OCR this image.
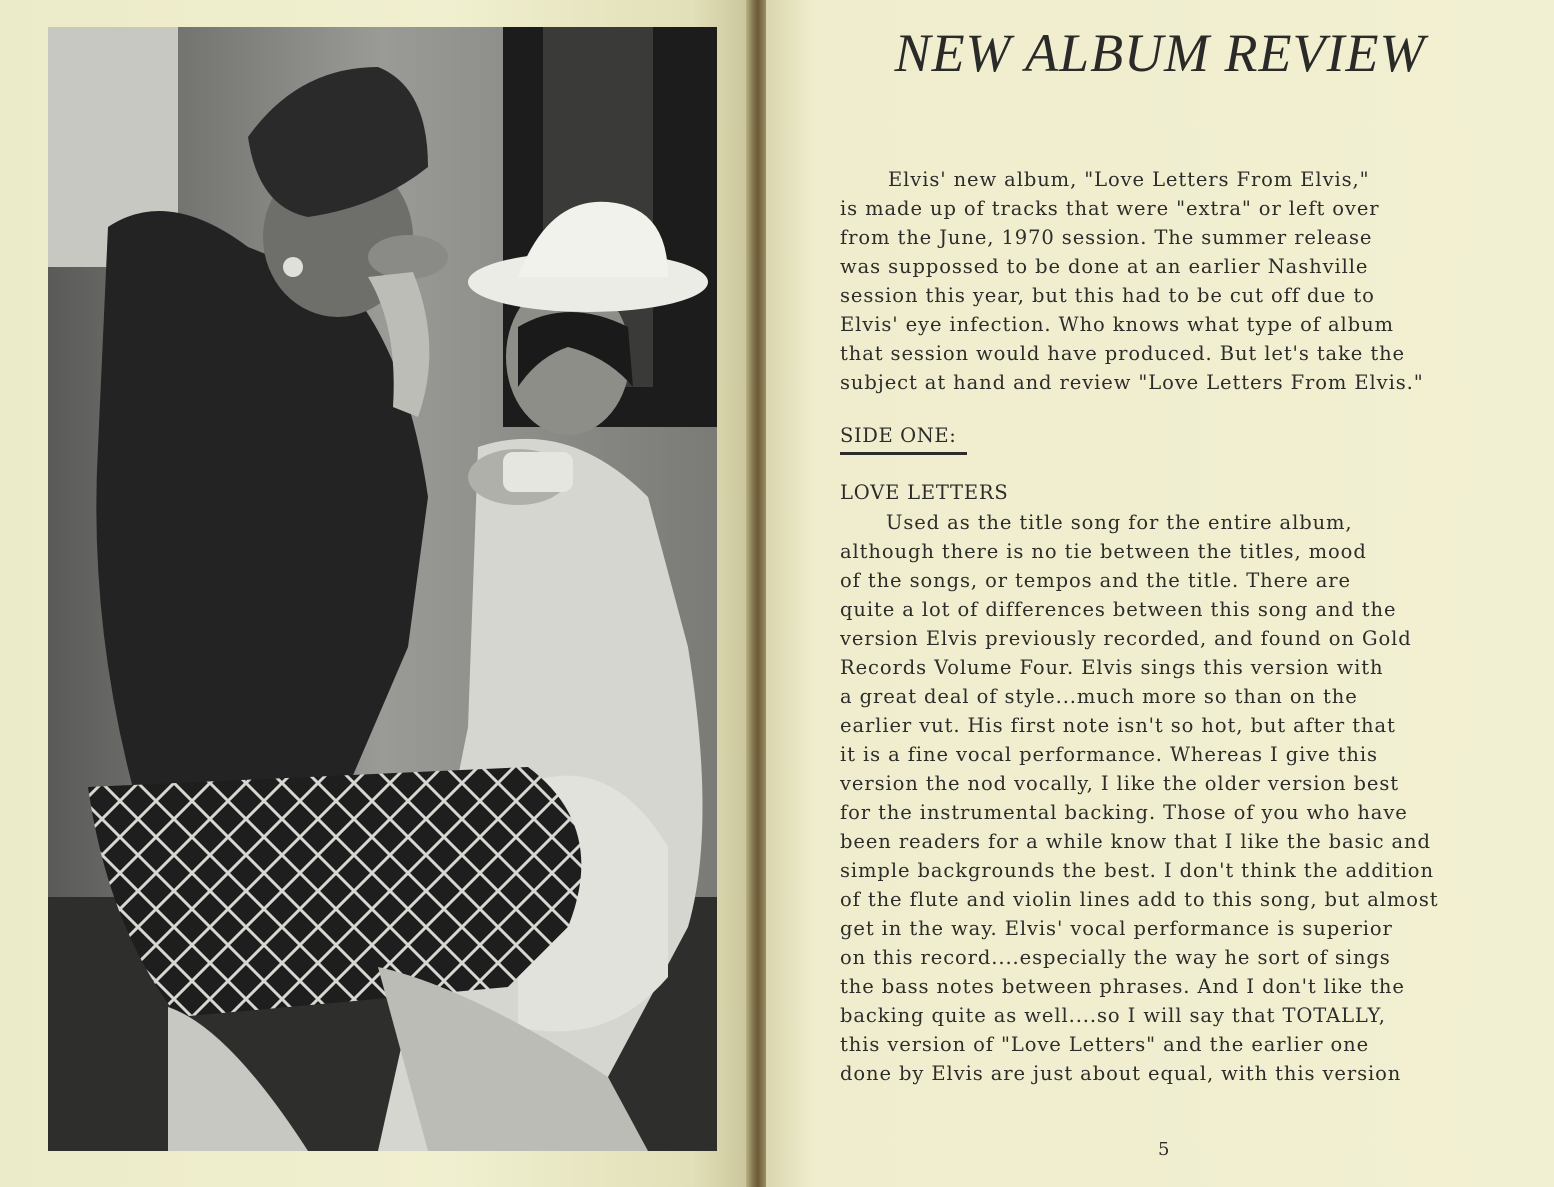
NEW ALBUM REVIEW

Elvis' new album, "Love Letters From Elvis,"

is made up of tracks that were "extra" or left over

from the June, 1970 session. The summer release

was suppossed to be done at an earlier Nashville

session this year, but this had to be cut off due to

Elvis' eye infection. Who knows what type of album

that session would have produced. But let's take the

subject at hand and review "Love Letters From Elvis."

SIDE ONE:

LOVE LETTERS

Used as the title song for the entire album,

although there is no tie between the titles, mood

of the songs, or tempos and the title. There are

quite a lot of differences between this song and the

version Elvis previously recorded, and found on Gold

Records Volume Four. Elvis sings this version with

a great deal of style...much more so than on the

earlier vut. His first note isn't so hot, but after that

it is a fine vocal performance. Whereas I give this

version the nod vocally, I like the older version best

for the instrumental backing. Those of you who have

been readers for a while know that I like the basic and

simple backgrounds the best. I don't think the addition

of the flute and violin lines add to this song, but almost

get in the way. Elvis' vocal performance is superior

on this record....especially the way he sort of sings

the bass notes between phrases. And I don't like the

backing quite as well....so I will say that TOTALLY,

this version of "Love Letters" and the earlier one

done by Elvis are just about equal, with this version

5
